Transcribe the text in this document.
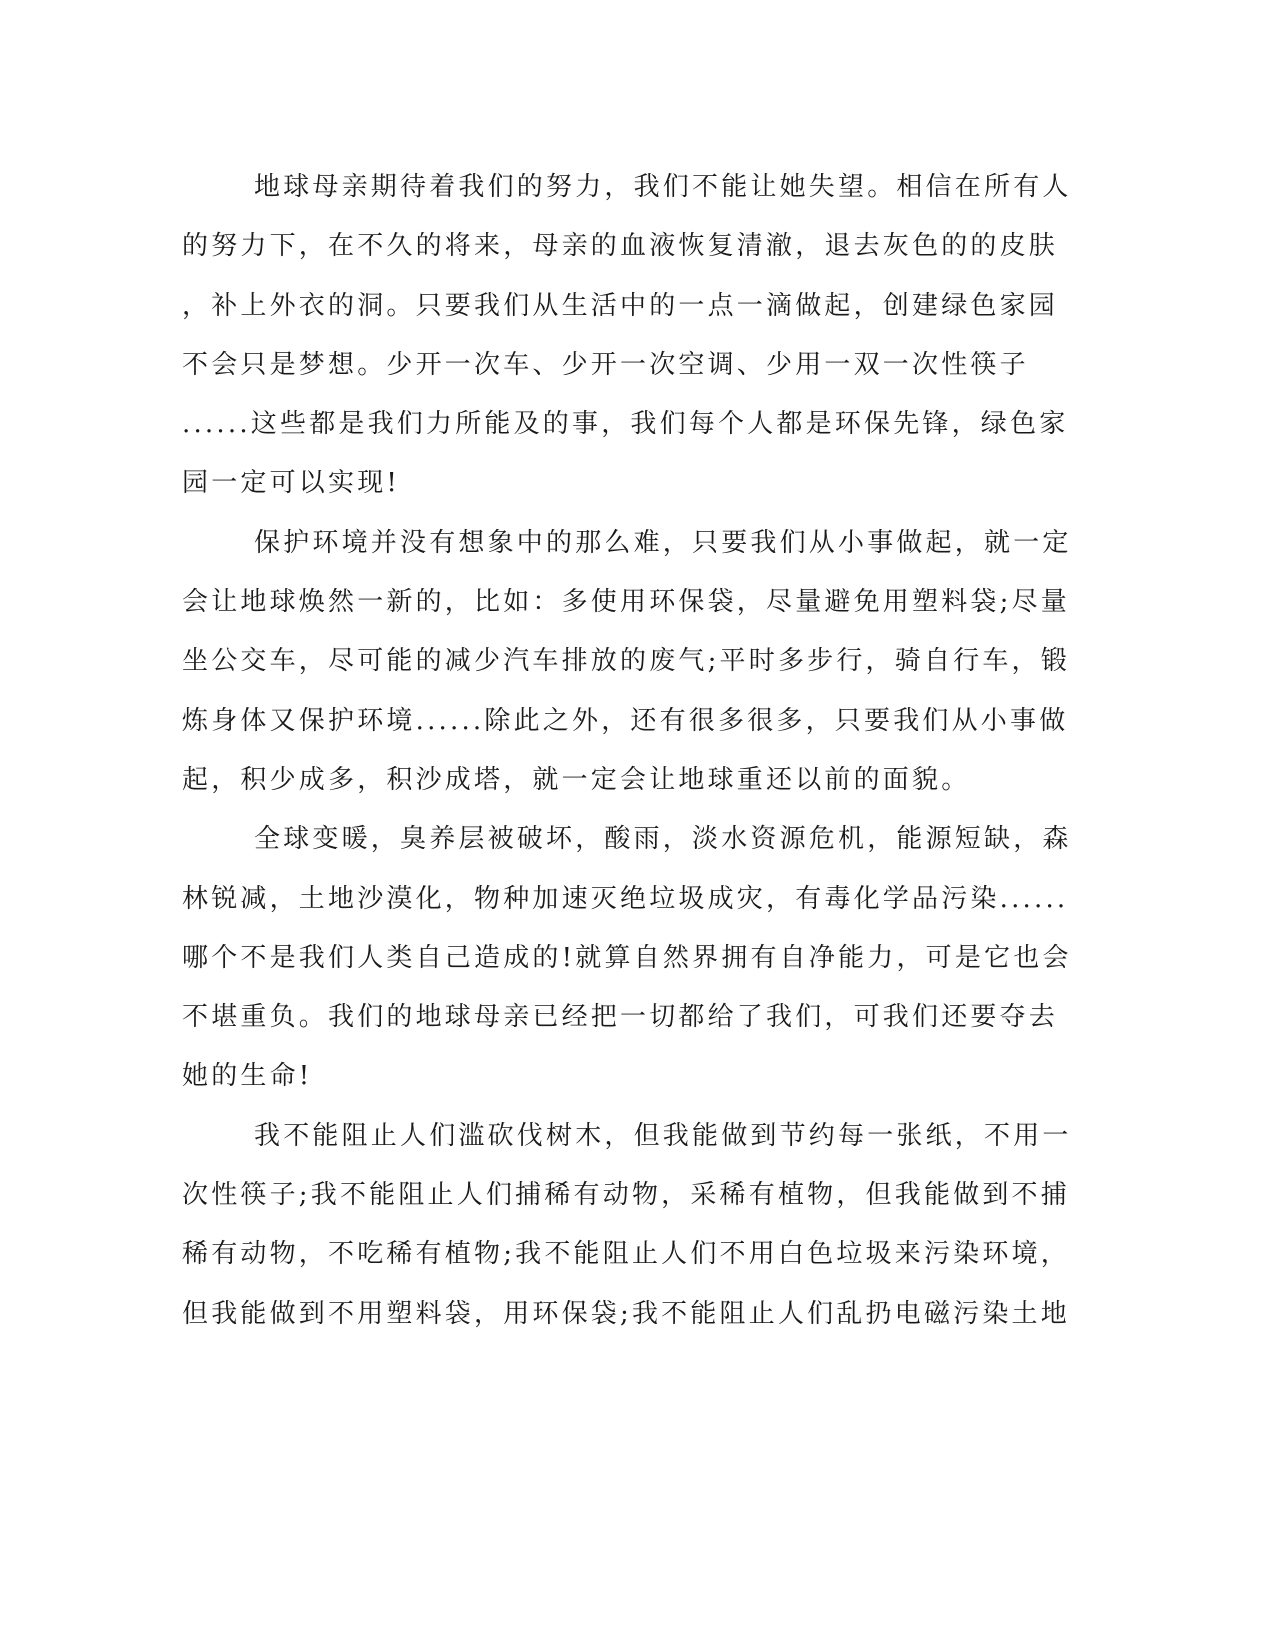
地球母亲期待着我们的努力，我们不能让她失望。相信在所有人
的努力下，在不久的将来，母亲的血液恢复清澈，退去灰色的的皮肤
，补上外衣的洞。只要我们从生活中的一点一滴做起，创建绿色家园
不会只是梦想。少开一次车、少开一次空调、少用一双一次性筷子
......这些都是我们力所能及的事，我们每个人都是环保先锋，绿色家
园一定可以实现!
保护环境并没有想象中的那么难，只要我们从小事做起，就一定
会让地球焕然一新的，比如：多使用环保袋，尽量避免用塑料袋;尽量
坐公交车，尽可能的减少汽车排放的废气;平时多步行，骑自行车，锻
炼身体又保护环境......除此之外，还有很多很多，只要我们从小事做
起，积少成多，积沙成塔，就一定会让地球重还以前的面貌。
全球变暖，臭养层被破坏，酸雨，淡水资源危机，能源短缺，森
林锐减，土地沙漠化，物种加速灭绝垃圾成灾，有毒化学品污染......
哪个不是我们人类自己造成的!就算自然界拥有自净能力，可是它也会
不堪重负。我们的地球母亲已经把一切都给了我们，可我们还要夺去
她的生命!
我不能阻止人们滥砍伐树木，但我能做到节约每一张纸，不用一
次性筷子;我不能阻止人们捕稀有动物，采稀有植物，但我能做到不捕
稀有动物，不吃稀有植物;我不能阻止人们不用白色垃圾来污染环境，
但我能做到不用塑料袋，用环保袋;我不能阻止人们乱扔电磁污染土地
